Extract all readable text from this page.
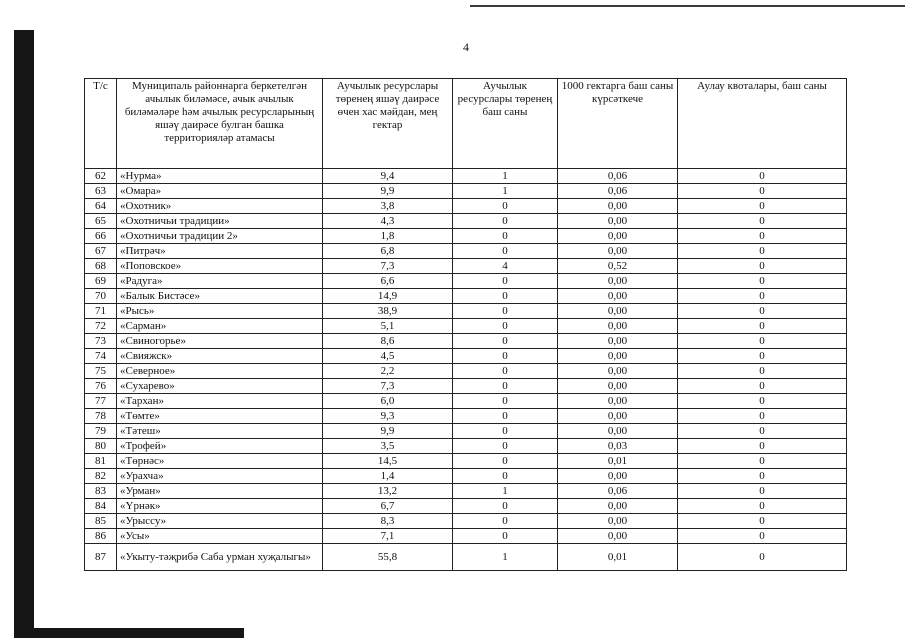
4
Т/с	Муниципаль районнарга беркетелгән ачылык биләмәсе, ачык ачылык биләмәләре һәм ачылык ресурсларының яшәү даирәсе булган башка территорияләр атамасы	Аучылык ресурслары төренең яшәү даирәсе өчен хас мәйдан, мең гектар	Аучылык ресурслары төренең баш саны	1000 гектарга баш саны күрсәткече	Аулау квоталары, баш саны
62	«Нурма»	9,4	1	0,06	0
63	«Омара»	9,9	1	0,06	0
64	«Охотник»	3,8	0	0,00	0
65	«Охотничьи традиции»	4,3	0	0,00	0
66	«Охотничьи традиции 2»	1,8	0	0,00	0
67	«Питрәч»	6,8	0	0,00	0
68	«Поповское»	7,3	4	0,52	0
69	«Радуга»	6,6	0	0,00	0
70	«Балык Бистәсе»	14,9	0	0,00	0
71	«Рысь»	38,9	0	0,00	0
72	«Сарман»	5,1	0	0,00	0
73	«Свиногорье»	8,6	0	0,00	0
74	«Свияжск»	4,5	0	0,00	0
75	«Северное»	2,2	0	0,00	0
76	«Сухарево»	7,3	0	0,00	0
77	«Тархан»	6,0	0	0,00	0
78	«Төмте»	9,3	0	0,00	0
79	«Тәтеш»	9,9	0	0,00	0
80	«Трофей»	3,5	0	0,03	0
81	«Төрнәс»	14,5	0	0,01	0
82	«Урахча»	1,4	0	0,00	0
83	«Урман»	13,2	1	0,06	0
84	«Үрнәк»	6,7	0	0,00	0
85	«Урыссу»	8,3	0	0,00	0
86	«Усы»	7,1	0	0,00	0
87	«Укыту-тәҗрибә Саба урман хуҗалыгы»	55,8	1	0,01	0
